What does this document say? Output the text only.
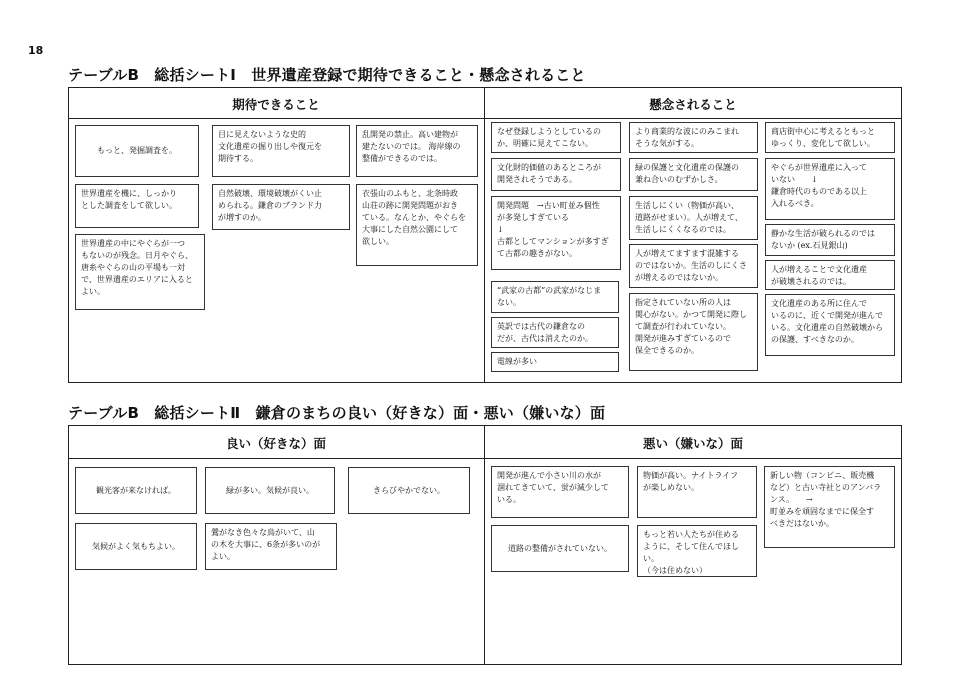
18
テーブルB　総括シートⅠ　世界遺産登録で期待できること・懸念されること
期待できること	懸念されること
もっと、発掘調査を。
目に見えないような史的
文化遺産の掘り出しや復元を
期待する。
乱開発の禁止。高い建物が
建たないのでは。 海岸線の
整備ができるのでは。
世界遺産を機に、しっかり
とした調査をして欲しい。
自然破壊、環境破壊がくい止
められる。鎌倉のブランド力
が増すのか。
衣張山のふもと、北条時政
山荘の跡に開発問題がおき
ている。なんとか、やぐらを
大事にした自然公園にして
欲しい。
世界遺産の中にやぐらが一つ
もないのが残念。日月やぐら、
唐糸やぐらの山の平場も一対
で、世界遺産のエリアに入ると
よい。
なぜ登録しようとしているの
か、明確に見えてこない。
より商業的な波にのみこまれ
そうな気がする。
商店街中心に考えるともっと
ゆっくり、変化して欲しい。
文化財的価値のあるところが
開発されそうである。
緑の保護と文化遺産の保護の
兼ね合いのむずかしさ。
やぐらが世界遺産に入って
いない　　↓
鎌倉時代のものである以上
入れるべき。
開発問題　→古い町並み個性
が多発しすぎている
↓
古都としてマンションが多すぎ
て古都の趣きがない。
生活しにくい（物価が高い、
道路がせまい）。人が増えて、
生活しにくくなるのでは。	静かな生活が破られるのでは
ないか (ex.石見銀山)
人が増えてますます混雑する
のではないか。生活のしにくさ
が増えるのではないか。
人が増えることで文化遺産
が破壊されるのでは。
“武家の古都”の武家がなじま
ない。	指定されていない所の人は
関心がない。かつて開発に際し
て調査が行われていない。
開発が進みすぎているので
保全できるのか。
文化遺産のある所に住んで
いるのに、近くで開発が進んで
いる。文化遺産の自然破壊から
の保護、すべきなのか。
英訳では古代の鎌倉なの
だが、古代は消えたのか。
電線が多い
テーブルB　総括シートⅡ　鎌倉のまちの良い（好きな）面・悪い（嫌いな）面
良い（好きな）面	悪い（嫌いな）面
観光客が来なければ。	緑が多い。気候が良い。	きらびやかでない。
気候がよく気もちよい。
鶯がなき色々な鳥がいて、山
の木を大事に、6条が多いのが
よい。
開発が進んで小さい川の水が
涸れてきていて、蛍が減少して
いる。
物価が高い。ナイトライフ
が楽しめない。
新しい物（コンビニ、販売機
など）と古い寺社とのアンバラ
ンス。　　→
町並みを頑固なまでに保全す
べきだはないか。
道路の整備がされていない。
もっと若い人たちが住める
ように、そして住んでほしい。
（今は住めない）
